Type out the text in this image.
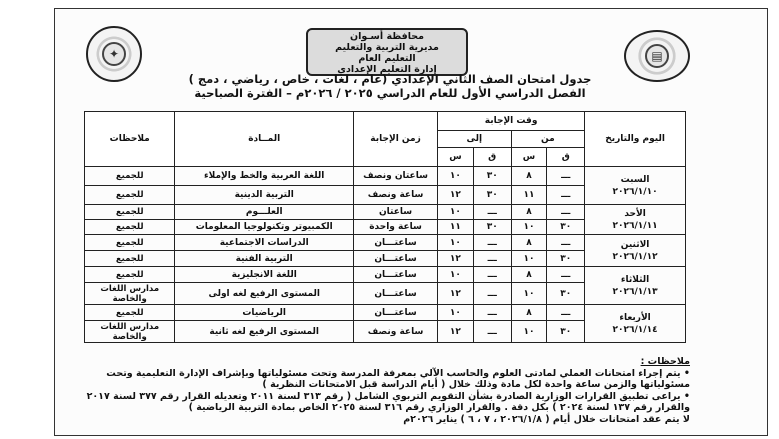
✦	▤
محافظة أسـوان
مديرية التربية والتعليم
التعليم العام
إدارة التعليم الإعدادي
جدول امتحان الصف الثاني الإعدادي (عام ، لغات ، خاص ، رياضي ، دمج )
الفصل الدراسي الأول للعام الدراسي ٢٠٢٥ / ٢٠٢٦م – الفترة الصباحية
اليوم والتاريخ	وقت الإجابة				زمن الإجابة	المــادة	ملاحظات
	من		إلى				
	ق	س	ق	س			

السبت
٢٠٢٦/١/١٠	ـــ	٨	٣٠	١٠	ساعتان ونصف	اللغة العربية والخط والإملاء	للجميع
	ـــ	١١	٣٠	١٢	ساعة ونصف	التربية الدينية	للجميع

الأحد
٢٠٢٦/١/١١	ـــ	٨	ـــ	١٠	ساعتان	العلـــوم	للجميع
	٣٠	١٠	٣٠	١١	ساعة واحدة	الكمبيوتر وتكنولوجيا المعلومات	للجميع

الاثنين
٢٠٢٦/١/١٢	ـــ	٨	ـــ	١٠	ساعتـــان	الدراسات الاجتماعية	للجميع
	٣٠	١٠	ـــ	١٢	ساعتـــان	التربية الفنية	للجميع

الثلاثاء
٢٠٢٦/١/١٣	ـــ	٨	ـــ	١٠	ساعتـــان	اللغة الانجليزية	للجميع
	٣٠	١٠	ـــ	١٢	ساعتـــان	المستوى الرفيع لغه اولى	مدارس اللغات والخاصة

الأربعاء
٢٠٢٦/١/١٤	ـــ	٨	ـــ	١٠	ساعتـــان	الرياضيات	للجميع
	٣٠	١٠	ـــ	١٢	ساعة ونصف	المستوى الرفيع لغه ثانية	مدارس اللغات والخاصة

ملاحظات :

• يتم إجراء امتحانات العملي لمادتى العلوم والحاسب الآلي بمعرفة المدرسة وتحت مسئولياتها وبإشراف الإدارة التعليمية وتحت مسئولياتها والزمن ساعة واحدة لكل مادة وذلك خلال ( أيام الدراسة قبل الامتحانات النظرية )

• يراعى تطبيق القرارات الوزارية الصادرة بشأن التقويم التربوي الشامل ( رقم ٣١٣ لسنة ٢٠١١ وتعديله القرار رقم ٣٧٧ لسنة ٢٠١٧ والقرار رقم ١٣٧ لسنة ٢٠٢٤ ) بكل دقة . والقرار الوزاري رقم ٣١٦ لسنة ٢٠٢٥ الخاص بمادة التربية الرياضية )

لا يتم عقد امتحانات خلال أيام ( ٢٠٢٦/١/٨ ، ٧ ، ٦ ) يناير ٢٠٢٦م
